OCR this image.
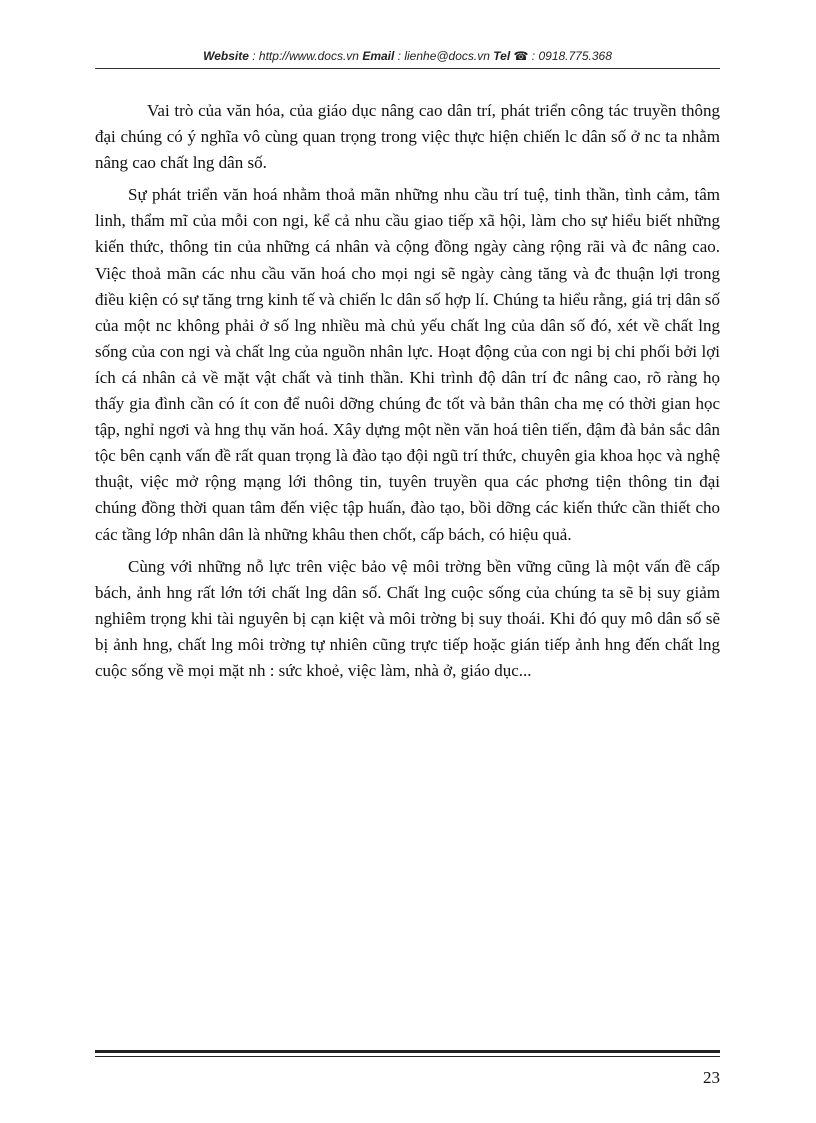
Website : http://www.docs.vn Email : lienhe@docs.vn Tel ☎ : 0918.775.368

Vai trò của văn hóa, của giáo dục nâng cao dân trí, phát triển công tác truyền thông đại chúng có ý nghĩa vô cùng quan trọng trong việc thực hiện chiến lc dân số ở nc ta nhằm nâng cao chất lng dân số.

Sự phát triển văn hoá nhằm thoả mãn những nhu cầu trí tuệ, tinh thần, tình cảm, tâm linh, thẩm mĩ của mỗi con ngi, kể cả nhu cầu giao tiếp xã hội, làm cho sự hiểu biết những kiến thức, thông tin của những cá nhân và cộng đồng ngày càng rộng rãi và đc nâng cao. Việc thoả mãn các nhu cầu văn hoá cho mọi ngi sẽ ngày càng tăng và đc thuận lợi trong điều kiện có sự tăng trng kinh tế và chiến lc dân số hợp lí. Chúng ta hiểu rằng, giá trị dân số của một nc không phải ở số lng nhiều mà chủ yếu chất lng của dân số đó, xét về chất lng sống của con ngi và chất lng của nguồn nhân lực. Hoạt động của con ngi bị chi phối bởi lợi ích cá nhân cả về mặt vật chất và tinh thần. Khi trình độ dân trí đc nâng cao, rõ ràng họ thấy gia đình cần có ít con để nuôi dỡng chúng đc tốt và bản thân cha mẹ có thời gian học tập, nghỉ ngơi và hng thụ văn hoá. Xây dựng một nền văn hoá tiên tiến, đậm đà bản sắc dân tộc bên cạnh vấn đề rất quan trọng là đào tạo đội ngũ trí thức, chuyên gia khoa học và nghệ thuật, việc mở rộng mạng lới thông tin, tuyên truyền qua các phơng tiện thông tin đại chúng đồng thời quan tâm đến việc tập huấn, đào tạo, bồi dỡng các kiến thức cần thiết cho các tầng lớp nhân dân là những khâu then chốt, cấp bách, có hiệu quả.

Cùng với những nỗ lực trên việc bảo vệ môi trờng bền vững cũng là một vấn đề cấp bách, ảnh hng rất lớn tới chất lng dân số. Chất lng cuộc sống của chúng ta sẽ bị suy giảm nghiêm trọng khi tài nguyên bị cạn kiệt và môi trờng bị suy thoái. Khi đó quy mô dân số sẽ bị ảnh hng, chất lng môi trờng tự nhiên cũng trực tiếp hoặc gián tiếp ảnh hng đến chất lng cuộc sống về mọi mặt nh : sức khoẻ, việc làm, nhà ở, giáo dục...

23
